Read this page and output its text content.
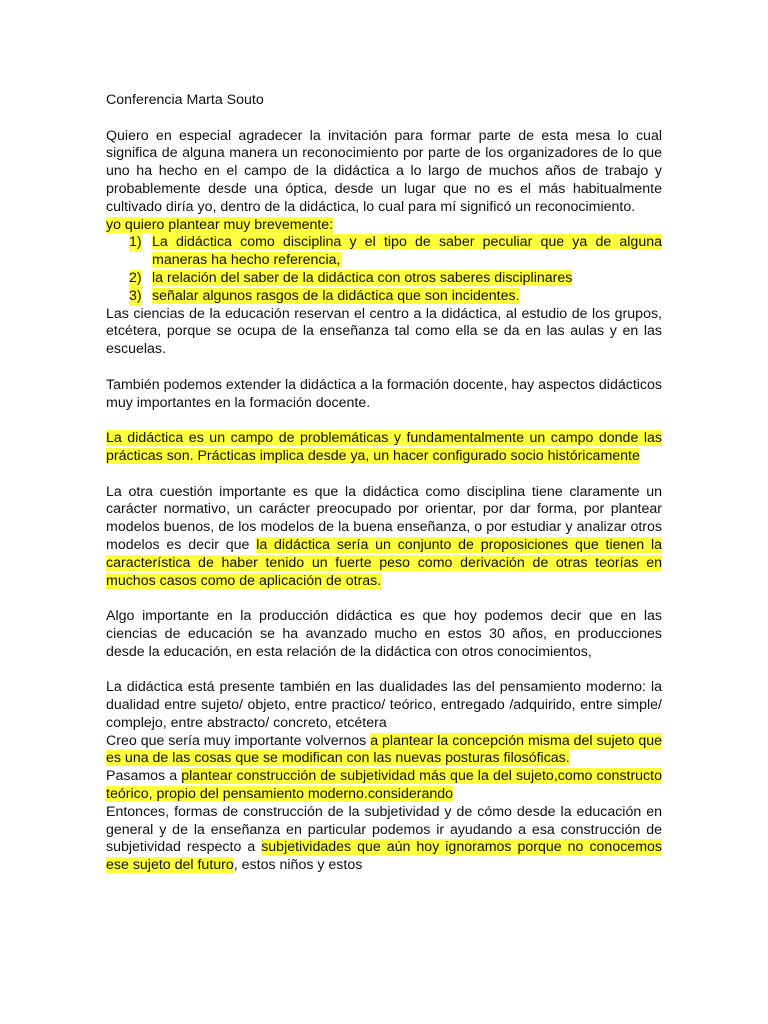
Conferencia Marta Souto

Quiero en especial agradecer la invitación para formar parte de esta mesa lo cual significa de alguna manera un reconocimiento por parte de los organizadores de lo que uno ha hecho en el campo de la didáctica a lo largo de muchos años de trabajo y probablemente desde una óptica, desde un lugar que no es el más habitualmente cultivado diría yo, dentro de la didáctica, lo cual para mí significó un reconocimiento.

yo quiero plantear muy brevemente:

1) La didáctica como disciplina y el tipo de saber peculiar que ya de alguna maneras ha hecho referencia,
2) la relación del saber de la didáctica con otros saberes disciplinares
3) señalar algunos rasgos de la didáctica que son incidentes.

Las ciencias de la educación reservan el centro a la didáctica, al estudio de los grupos, etcétera, porque se ocupa de la enseñanza tal como ella se da en las aulas y en las escuelas.

También podemos extender la didáctica a la formación docente, hay aspectos didácticos muy importantes en la formación docente.

La didáctica es un campo de problemáticas y fundamentalmente un campo donde las prácticas son. Prácticas implica desde ya, un hacer configurado socio históricamente

La otra cuestión importante es que la didáctica como disciplina tiene claramente un carácter normativo, un carácter preocupado por orientar, por dar forma, por plantear modelos buenos, de los modelos de la buena enseñanza, o por estudiar y analizar otros modelos es decir que la didáctica sería un conjunto de proposiciones que tienen la característica de haber tenido un fuerte peso como derivación de otras teorías en muchos casos como de aplicación de otras.

Algo importante en la producción didáctica es que hoy podemos decir que en las ciencias de educación se ha avanzado mucho en estos 30 años, en producciones desde la educación, en esta relación de la didáctica con otros conocimientos,

La didáctica está presente también en las dualidades las del pensamiento moderno: la dualidad entre sujeto/ objeto, entre practico/ teórico, entregado /adquirido, entre simple/ complejo, entre abstracto/ concreto, etcétera

Creo que sería muy importante volvernos a plantear la concepción misma del sujeto que es una de las cosas que se modifican con las nuevas posturas filosóficas.

Pasamos a plantear construcción de subjetividad más que la del sujeto,como constructo teórico, propio del pensamiento moderno.considerando

Entonces, formas de construcción de la subjetividad y de cómo desde la educación en general y de la enseñanza en particular podemos ir ayudando a esa construcción de subjetividad respecto a subjetividades que aún hoy ignoramos porque no conocemos ese sujeto del futuro, estos niños y estos
